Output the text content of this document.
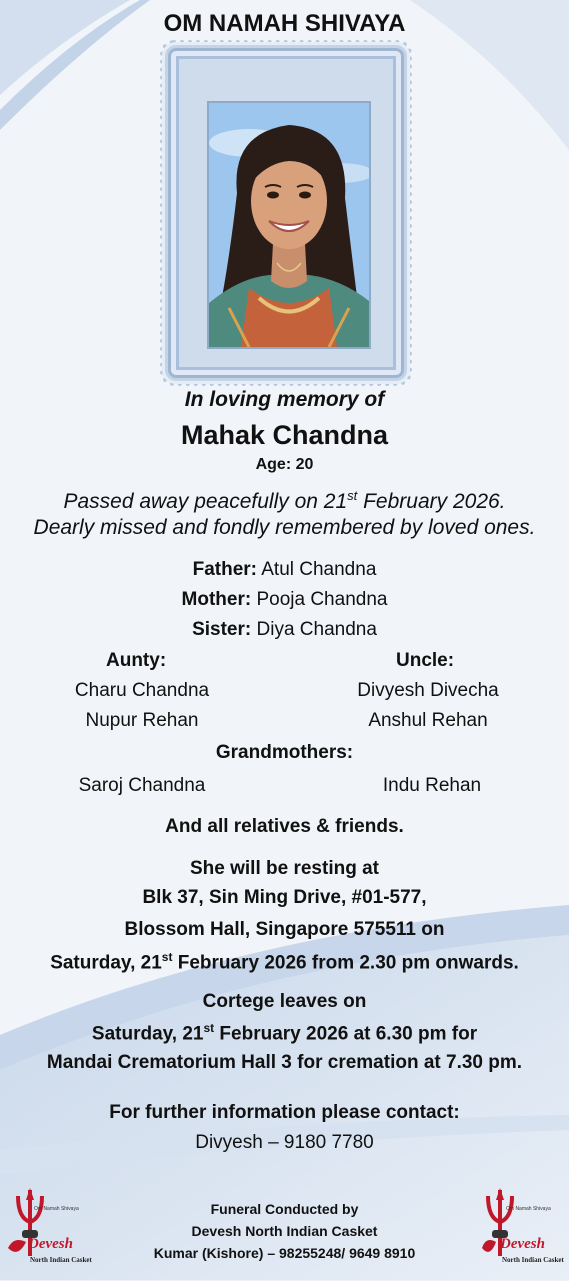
OM NAMAH SHIVAYA
In loving memory of
Mahak Chandna
Age: 20
Passed away peacefully on 21st February 2026.
Dearly missed and fondly remembered by loved ones.
Father: Atul Chandna
Mother: Pooja Chandna
Sister: Diya Chandna
Aunty:
Charu Chandna
Nupur Rehan
Uncle:
Divyesh Divecha
Anshul Rehan
Grandmothers:
Saroj Chandna	Indu Rehan
And all relatives & friends.
She will be resting at
Blk 37, Sin Ming Drive, #01-577,
Blossom Hall, Singapore 575511 on
Saturday, 21st February 2026 from 2.30 pm onwards.
Cortege leaves on
Saturday, 21st February 2026 at 6.30 pm for
Mandai Crematorium Hall 3 for cremation at 7.30 pm.
For further information please contact:
Divyesh – 9180 7780
Funeral Conducted by
Devesh North Indian Casket
Kumar (Kishore) – 98255248/ 9649 8910
Om Namah Shivaya
Devesh
North Indian Casket
Om Namah Shivaya
Devesh
North Indian Casket
